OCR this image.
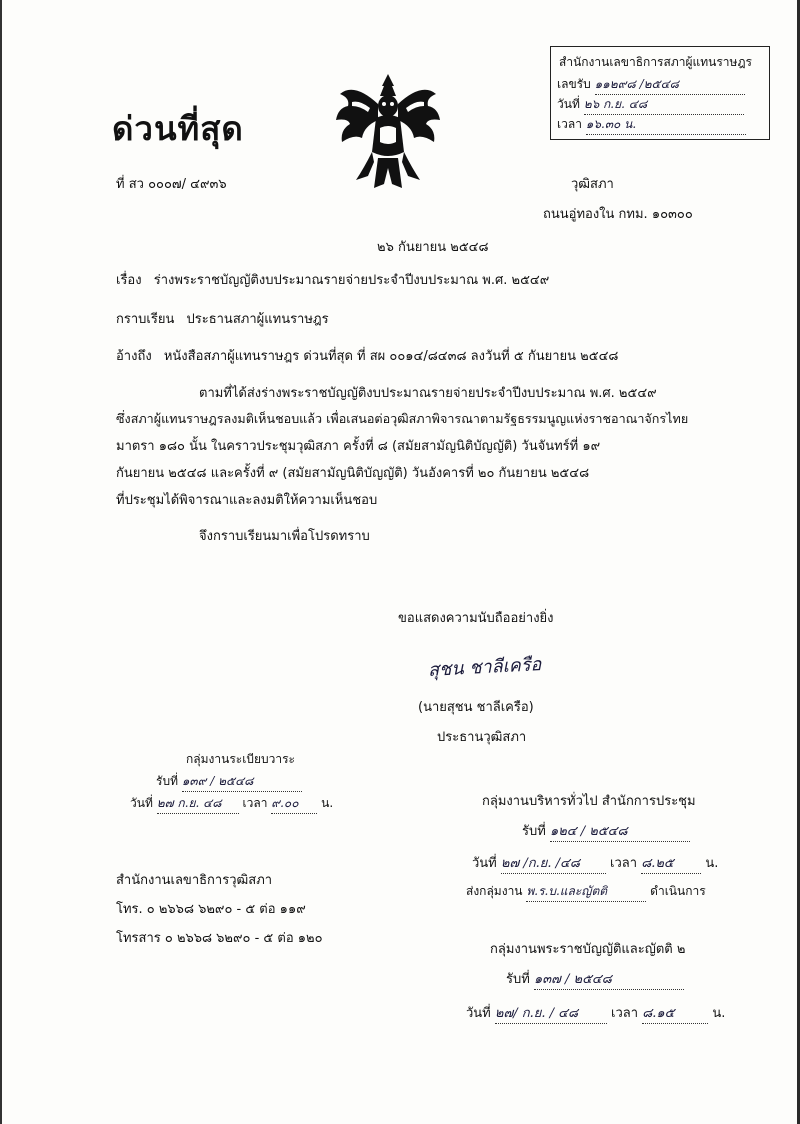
สำนักงานเลขาธิการสภาผู้แทนราษฎร
เลขรับ ๑๑๒๙๘ /๒๕๔๘
วันที่ ๒๖ ก.ย. ๔๘
เวลา ๑๖.๓๐ น.
ด่วนที่สุด
ที่ สว ๐๐๐๗/ ๔๙๓๖	วุฒิสภา
ถนนอู่ทองใน กทม. ๑๐๓๐๐
๒๖ กันยายน ๒๕๔๘
เรื่อง ร่างพระราชบัญญัติงบประมาณรายจ่ายประจำปีงบประมาณ พ.ศ. ๒๕๔๙
กราบเรียน ประธานสภาผู้แทนราษฎร
อ้างถึง หนังสือสภาผู้แทนราษฎร ด่วนที่สุด ที่ สผ ๐๐๑๔/๘๔๓๘ ลงวันที่ ๕ กันยายน ๒๕๔๘
ตามที่ได้ส่งร่างพระราชบัญญัติงบประมาณรายจ่ายประจำปีงบประมาณ พ.ศ. ๒๕๔๙
ซึ่งสภาผู้แทนราษฎรลงมติเห็นชอบแล้ว เพื่อเสนอต่อวุฒิสภาพิจารณาตามรัฐธรรมนูญแห่งราชอาณาจักรไทย
มาตรา ๑๘๐ นั้น ในคราวประชุมวุฒิสภา ครั้งที่ ๘ (สมัยสามัญนิติบัญญัติ) วันจันทร์ที่ ๑๙
กันยายน ๒๕๔๘ และครั้งที่ ๙ (สมัยสามัญนิติบัญญัติ) วันอังคารที่ ๒๐ กันยายน ๒๕๔๘
ที่ประชุมได้พิจารณาและลงมติให้ความเห็นชอบ
จึงกราบเรียนมาเพื่อโปรดทราบ
ขอแสดงความนับถืออย่างยิ่ง
สุชน ชาลีเครือ
(นายสุชน ชาลีเครือ)
ประธานวุฒิสภา
กลุ่มงานระเบียบวาระ
รับที่ ๑๓๙ / ๒๕๔๘
วันที่ ๒๗ ก.ย. ๔๘ เวลา ๙.๐๐ น.	กลุ่มงานบริหารทั่วไป สำนักการประชุม
รับที่ ๑๒๔ / ๒๕๔๘
วันที่ ๒๗ /ก.ย. /๔๘ เวลา ๘.๒๕ น.
ส่งกลุ่มงาน พ.ร.บ.และญัตติ	ดำเนินการ
สำนักงานเลขาธิการวุฒิสภา
โทร. ๐ ๒๖๖๘ ๖๒๙๐ - ๕ ต่อ ๑๑๙
โทรสาร ๐ ๒๖๖๘ ๖๒๙๐ - ๕ ต่อ ๑๒๐
กลุ่มงานพระราชบัญญัติและญัตติ ๒
รับที่ ๑๓๗ / ๒๕๔๘
วันที่ ๒๗/ ก.ย. / ๔๘	เวลา ๘.๑๕	น.
